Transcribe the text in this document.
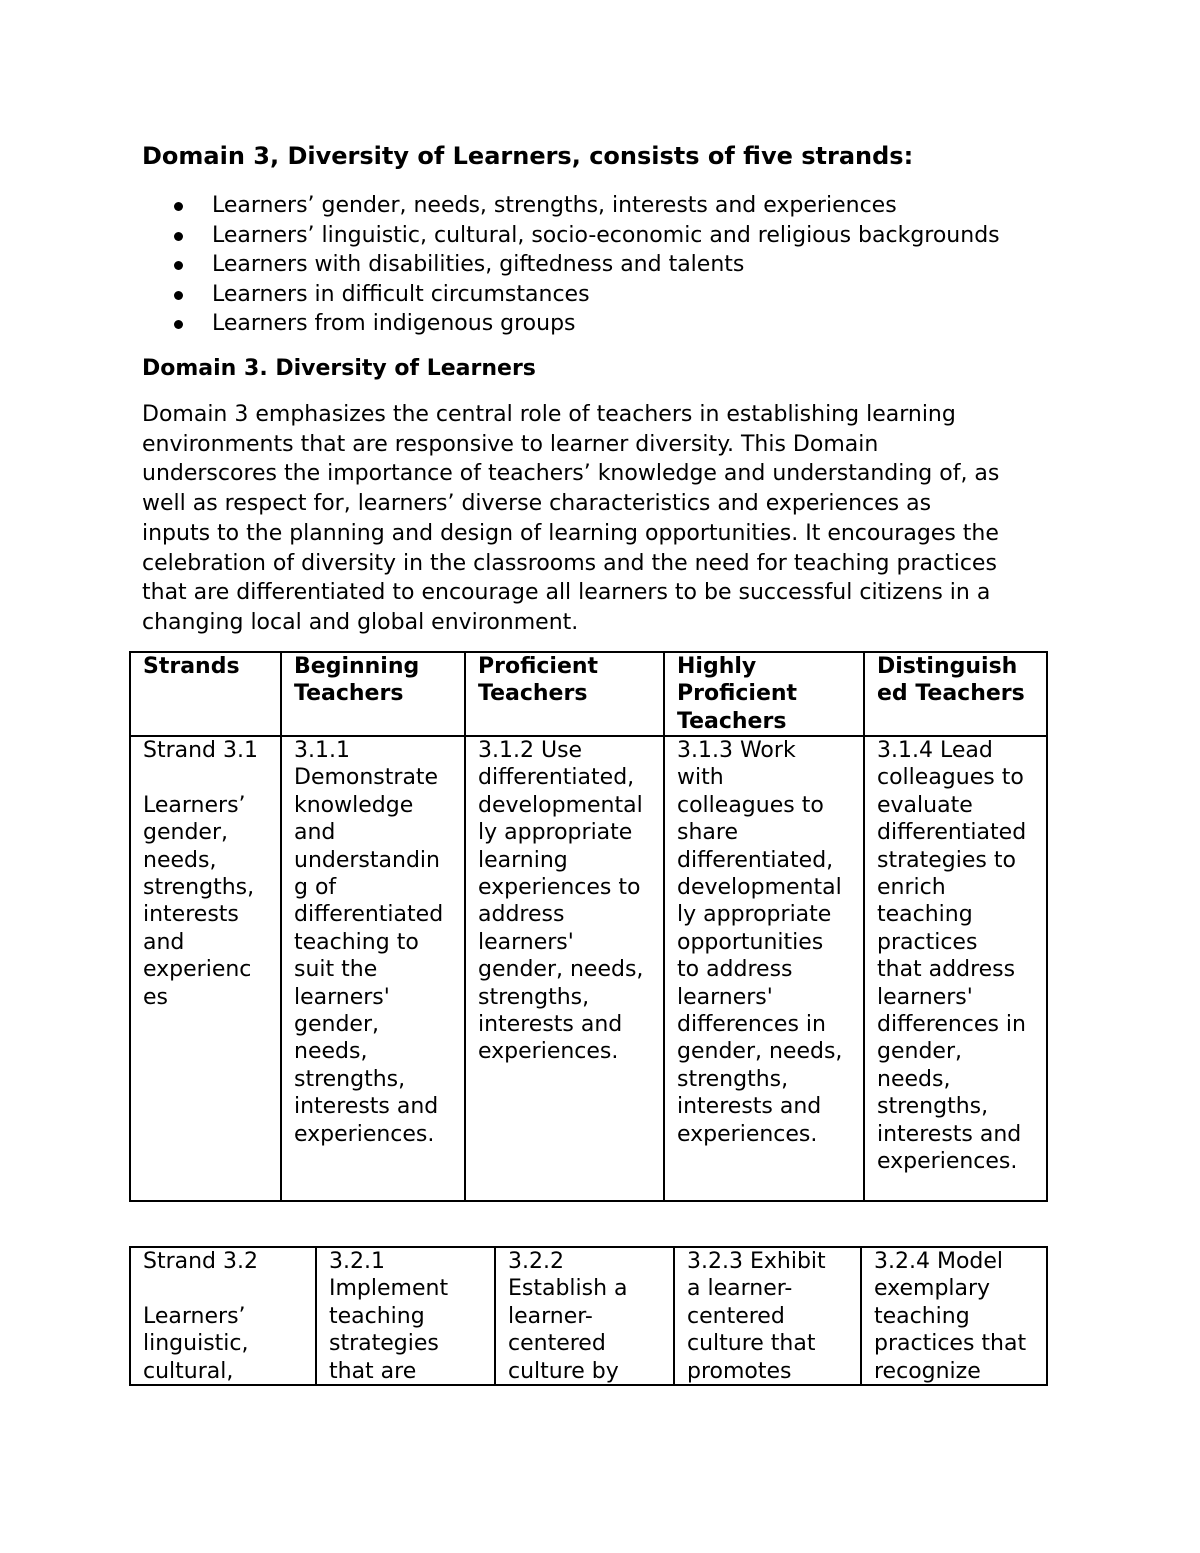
Domain 3, Diversity of Learners, consists of five strands:
Learners’ gender, needs, strengths, interests and experiences
Learners’ linguistic, cultural, socio-economic and religious backgrounds
Learners with disabilities, giftedness and talents
Learners in difficult circumstances
Learners from indigenous groups
Domain 3. Diversity of Learners
Domain 3 emphasizes the central role of teachers in establishing learning
environments that are responsive to learner diversity. This Domain
underscores the importance of teachers’ knowledge and understanding of, as
well as respect for, learners’ diverse characteristics and experiences as
inputs to the planning and design of learning opportunities. It encourages the
celebration of diversity in the classrooms and the need for teaching practices
that are differentiated to encourage all learners to be successful citizens in a
changing local and global environment.
Strands	Beginning
Teachers
Proficient
Teachers
Highly
Proficient
Teachers
Distinguish
ed Teachers
Strand 3.1

Learners’
gender,
needs,
strengths,
interests
and
experienc
es
3.1.1
Demonstrate
knowledge
and
understandin
g of
differentiated
teaching to
suit the
learners'
gender,
needs,
strengths,
interests and
experiences.
3.1.2 Use
differentiated,
developmental
ly appropriate
learning
experiences to
address
learners'
gender, needs,
strengths,
interests and
experiences.
3.1.3 Work
with
colleagues to
share
differentiated,
developmental
ly appropriate
opportunities
to address
learners'
differences in
gender, needs,
strengths,
interests and
experiences.
3.1.4 Lead
colleagues to
evaluate
differentiated
strategies to
enrich
teaching
practices
that address
learners'
differences in
gender,
needs,
strengths,
interests and
experiences.
Strand 3.2

Learners’
linguistic,
cultural,
3.2.1
Implement
teaching
strategies
that are
3.2.2
Establish a
learner-
centered
culture by
3.2.3 Exhibit
a learner-
centered
culture that
promotes
3.2.4 Model
exemplary
teaching
practices that
recognize
